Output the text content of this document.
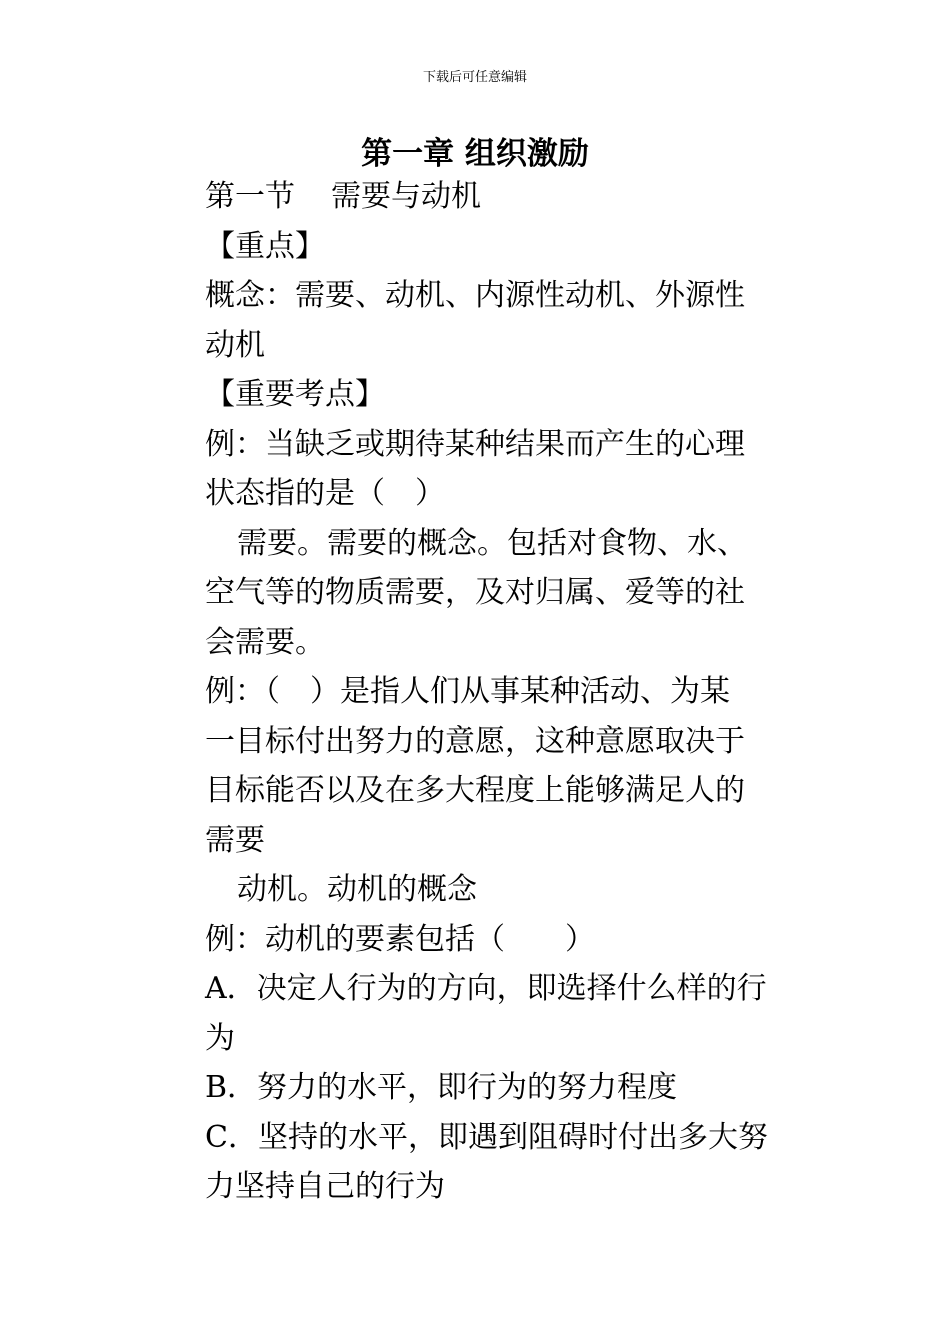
下载后可任意编辑
第一章 组织激励

第一节 需要与动机

【重点】

概念：需要、动机、内源性动机、外源性

动机

【重要考点】

例：当缺乏或期待某种结果而产生的心理

状态指的是（　）

需要。需要的概念。包括对食物、水、

空气等的物质需要，及对归属、爱等的社

会需要。

例：（　）是指人们从事某种活动、为某

一目标付出努力的意愿，这种意愿取决于

目标能否以及在多大程度上能够满足人的

需要

动机。动机的概念

例：动机的要素包括（　　）

A．决定人行为的方向，即选择什么样的行

为

B．努力的水平，即行为的努力程度

C．坚持的水平，即遇到阻碍时付出多大努

力坚持自己的行为
